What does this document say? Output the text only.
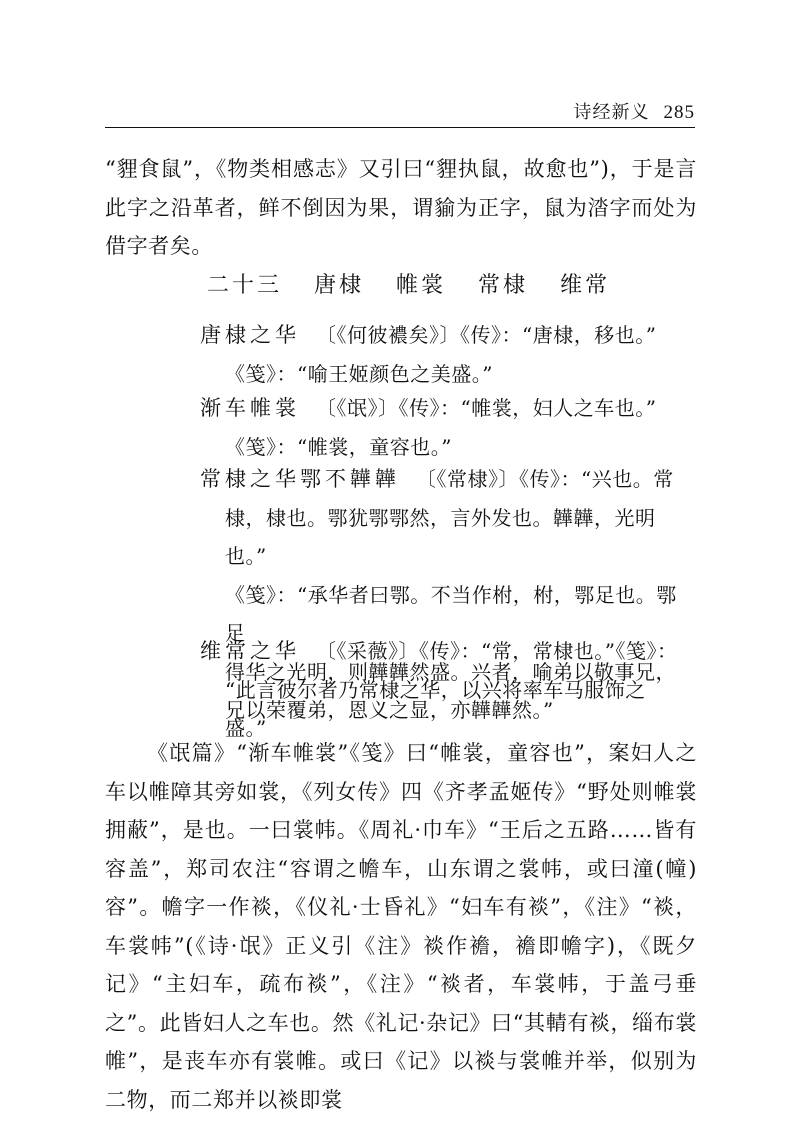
诗经新义 285

“貍食鼠”，《物类相感志》又引曰“貍执鼠，故愈也”)，于是言此字之沿革者，鲜不倒因为果，谓貐为正字，鼠为涾字而处为借字者矣。

二十三 唐棣 帷裳 常棣 维常
唐棣之华 〔《何彼襛矣》〕《传》：“唐棣，移也。”
《笺》：“喻王姬颜色之美盛。”
渐车帷裳 〔《氓》〕《传》：“帷裳，妇人之车也。”
《笺》：“帷裳，童容也。”
常棣之华鄂不韡韡 〔《常棣》〕《传》：“兴也。常
棣，棣也。鄂犹鄂鄂然，言外发也。韡韡，光明也。”
《笺》：“承华者曰鄂。不当作柎，柎，鄂足也。鄂足
得华之光明，则韡韡然盛。兴者，喻弟以敬事兄，
兄以荣覆弟，恩义之显，亦韡韡然。”
维常之华 〔《采薇》〕《传》：“常，常棣也。”《笺》：
“此言彼尔者乃常棣之华，以兴将率车马服饰之
盛。”

《氓篇》“渐车帷裳”《笺》曰“帷裳，童容也”，案妇人之车以帷障其旁如裳，《列女传》四《齐孝孟姬传》“野处则帷裳拥蔽”，是也。一曰裳帏。《周礼·巾车》“王后之五路……皆有容盖”，郑司农注“容谓之幨车，山东谓之裳帏，或曰潼(幢)容”。幨字一作裧，《仪礼·士昏礼》“妇车有裧”，《注》“裧，车裳帏”(《诗·氓》正义引《注》裧作襜，襜即幨字)，《既夕记》“主妇车，疏布裧”，《注》“裧者，车裳帏，于盖弓垂之”。此皆妇人之车也。然《礼记·杂记》曰“其輤有裧，缁布裳帷”，是丧车亦有裳帷。或曰《记》以裧与裳帷并举，似别为二物，而二郑并以裧即裳
